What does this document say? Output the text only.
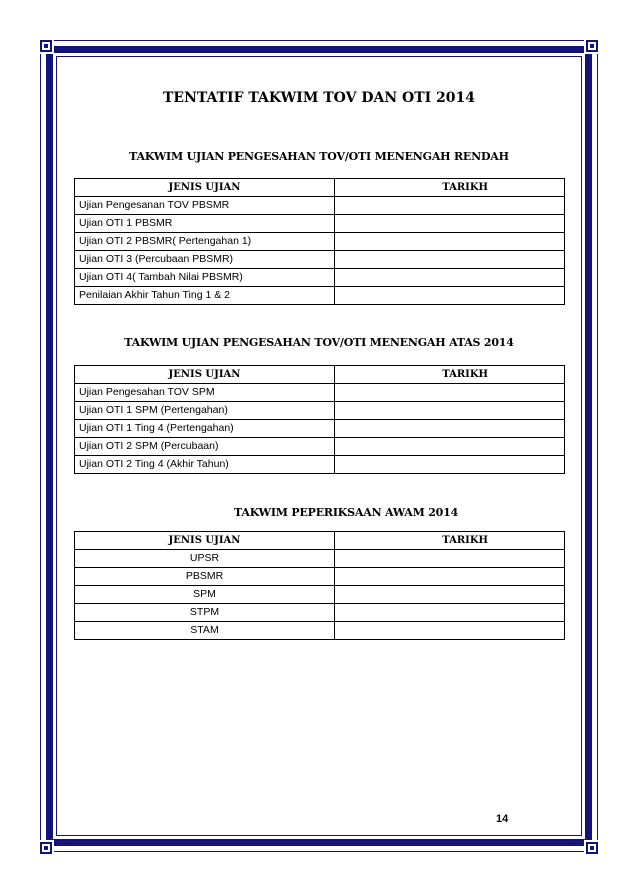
TENTATIF TAKWIM TOV DAN OTI 2014
TAKWIM UJIAN PENGESAHAN TOV/OTI MENENGAH RENDAH
JENIS UJIAN	TARIKH
Ujian Pengesanan TOV PBSMR	
Ujian OTI 1 PBSMR	
Ujian OTI 2 PBSMR( Pertengahan 1)	
Ujian OTI 3 (Percubaan PBSMR)	
Ujian OTI 4( Tambah Nilai PBSMR)	
Penilaian Akhir Tahun Ting 1 & 2	
TAKWIM UJIAN PENGESAHAN TOV/OTI MENENGAH ATAS 2014
JENIS UJIAN	TARIKH
Ujian Pengesahan TOV SPM	
Ujian OTI 1 SPM (Pertengahan)	
Ujian OTI 1 Ting 4 (Pertengahan)	
Ujian OTI 2 SPM (Percubaan)	
Ujian OTI 2 Ting 4 (Akhir Tahun)	
TAKWIM PEPERIKSAAN AWAM 2014
JENIS UJIAN	TARIKH
UPSR	
PBSMR	
SPM	
STPM	
STAM	
14
